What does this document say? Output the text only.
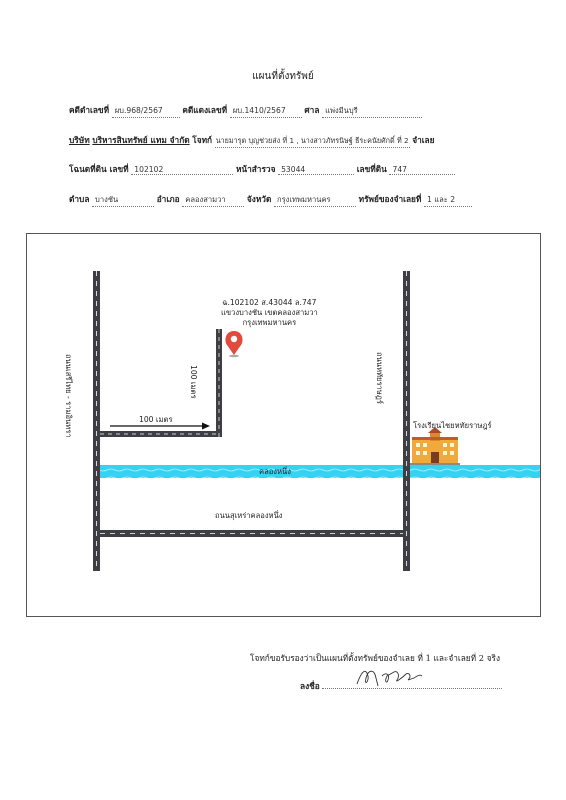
แผนที่ตั้งทรัพย์
คดีดำเลขที่ ผบ.968/2567 คดีแดงเลขที่ ผบ.1410/2567 ศาล แพ่งมีนบุรี
บริษัท บริหารสินทรัพย์ แทม จำกัด โจทก์ นายมารุต บุญช่วยส่ง ที่ 1 , นางสาวภัทรนิษฐ์ ธีระคนัยศักดิ์ ที่ 2 จำเลย
โฉนดที่ดิน เลขที่ 102102	หน้าสำรวจ 53044	เลขที่ดิน 747
ตำบล บางชัน	อำเภอ คลองสามวา	จังหวัด กรุงเทพมหานคร	ทรัพย์ของจำเลยที่ 1 และ 2
ฉ.102102 ส.43044 ล.747
แขวงบางชัน เขตคลองสามวา
กรุงเทพมหานคร
100 เมตร
100 เมตร
ถนนเสรีไทย - รามอินทรา	ถนนหทัยราษฎร์
โรงเรียนไชยหทัยราษฎร์
คลองหนึ่ง
ถนนสุเหร่าคลองหนึ่ง
โจทก์ขอรับรองว่าเป็นแผนที่ตั้งทรัพย์ของจำเลย ที่ 1 และจำเลยที่ 2 จริง
ลงชื่อ
